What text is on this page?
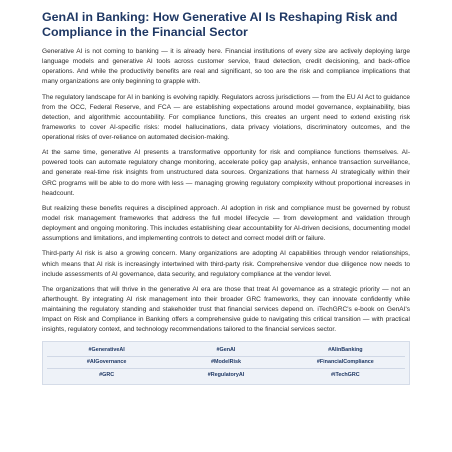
GenAI in Banking: How Generative AI Is Reshaping Risk and Compliance in the Financial Sector

Generative AI is not coming to banking — it is already here. Financial institutions of every size are actively deploying large language models and generative AI tools across customer service, fraud detection, credit decisioning, and back-office operations. And while the productivity benefits are real and significant, so too are the risk and compliance implications that many organizations are only beginning to grapple with.

The regulatory landscape for AI in banking is evolving rapidly. Regulators across jurisdictions — from the EU AI Act to guidance from the OCC, Federal Reserve, and FCA — are establishing expectations around model governance, explainability, bias detection, and algorithmic accountability. For compliance functions, this creates an urgent need to extend existing risk frameworks to cover AI-specific risks: model hallucinations, data privacy violations, discriminatory outcomes, and the operational risks of over-reliance on automated decision-making.

At the same time, generative AI presents a transformative opportunity for risk and compliance functions themselves. AI-powered tools can automate regulatory change monitoring, accelerate policy gap analysis, enhance transaction surveillance, and generate real-time risk insights from unstructured data sources. Organizations that harness AI strategically within their GRC programs will be able to do more with less — managing growing regulatory complexity without proportional increases in headcount.

But realizing these benefits requires a disciplined approach. AI adoption in risk and compliance must be governed by robust model risk management frameworks that address the full model lifecycle — from development and validation through deployment and ongoing monitoring. This includes establishing clear accountability for AI-driven decisions, documenting model assumptions and limitations, and implementing controls to detect and correct model drift or failure.

Third-party AI risk is also a growing concern. Many organizations are adopting AI capabilities through vendor relationships, which means that AI risk is increasingly intertwined with third-party risk. Comprehensive vendor due diligence now needs to include assessments of AI governance, data security, and regulatory compliance at the vendor level.

The organizations that will thrive in the generative AI era are those that treat AI governance as a strategic priority — not an afterthought. By integrating AI risk management into their broader GRC frameworks, they can innovate confidently while maintaining the regulatory standing and stakeholder trust that financial services depend on. iTechGRC's e-book on GenAI's Impact on Risk and Compliance in Banking offers a comprehensive guide to navigating this critical transition — with practical insights, regulatory context, and technology recommendations tailored to the financial services sector.

#GenerativeAI	#GenAI	#AIinBanking
#AIGovernance	#ModelRisk	#FinancialCompliance
#GRC	#RegulatoryAI	#iTechGRC
